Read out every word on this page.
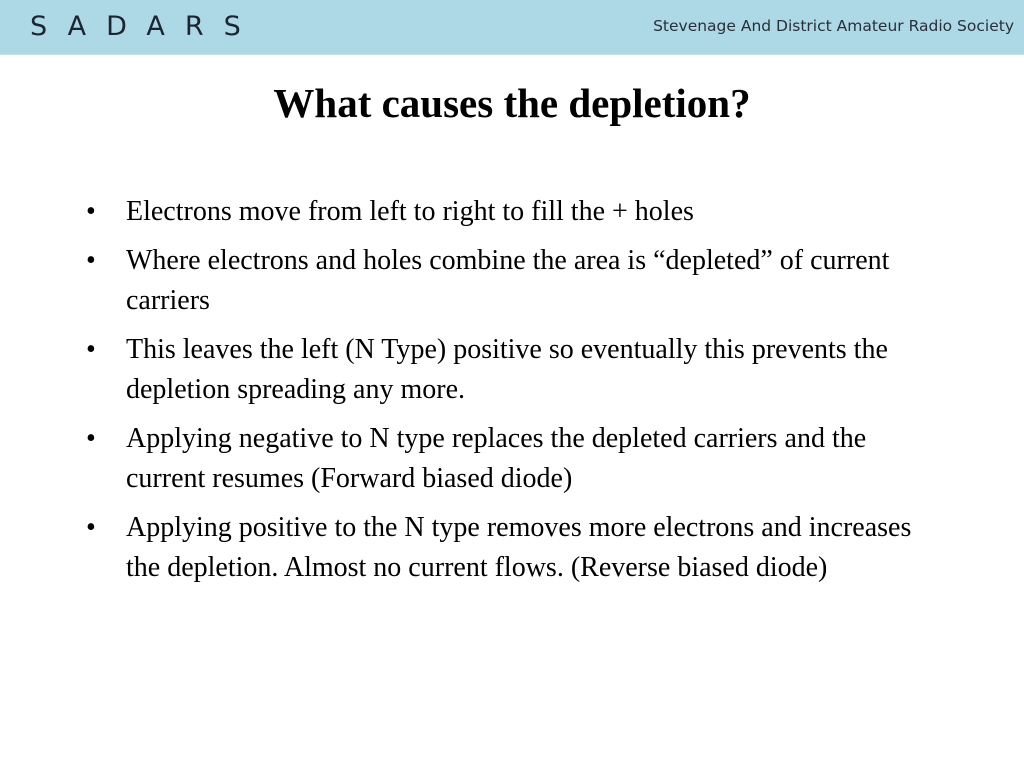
SADARS	Stevenage And District Amateur Radio Society
What causes the depletion?
•	Electrons move from left to right to fill the + holes
•	Where electrons and holes combine the area is “depleted” of current carriers
•	This leaves the left (N Type) positive so eventually this prevents the depletion spreading any more.
•	Applying negative to N type replaces the depleted carriers and the current resumes (Forward biased diode)
•	Applying positive to the N type removes more electrons and increases the depletion. Almost no current flows. (Reverse biased diode)
